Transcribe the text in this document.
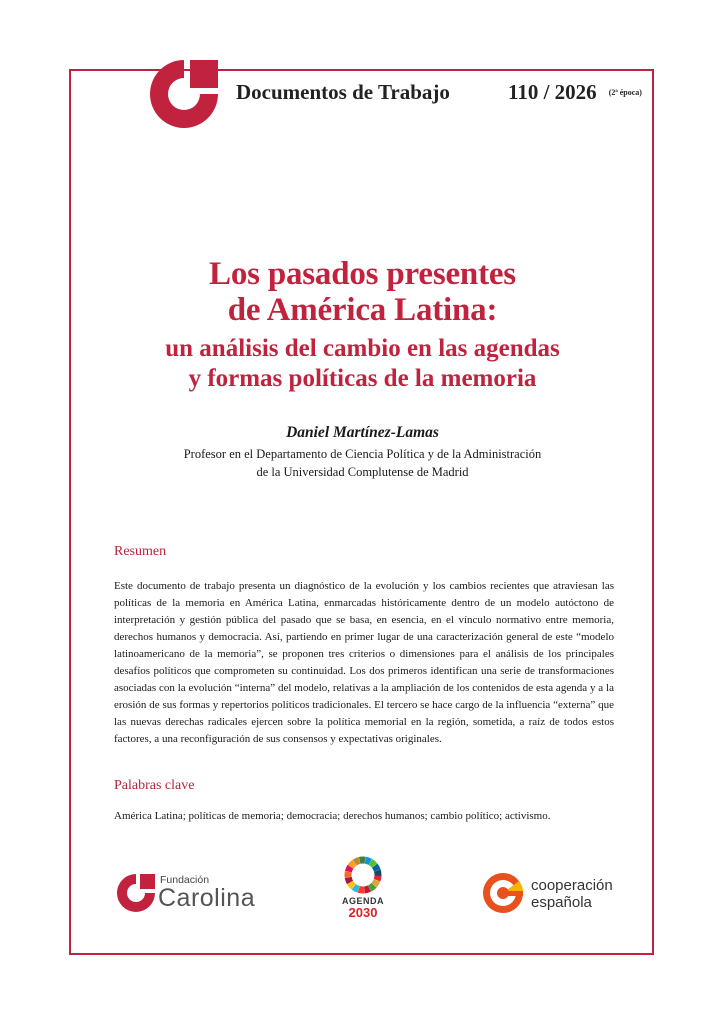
Documentos de Trabajo	110 / 2026 (2ª época)
Los pasados presentes
de América Latina:
un análisis del cambio en las agendas
y formas políticas de la memoria
Daniel Martínez-Lamas
Profesor en el Departamento de Ciencia Política y de la Administración
de la Universidad Complutense de Madrid
Resumen
Este documento de trabajo presenta un diagnóstico de la evolución y los cambios recientes que atraviesan las políticas de la memoria en América Latina, enmarcadas históricamente dentro de un modelo autóctono de interpretación y gestión pública del pasado que se basa, en esencia, en el vínculo normativo entre memoria, derechos humanos y democracia. Así, partiendo en primer lugar de una caracterización general de este “modelo latinoamericano de la memoria”, se proponen tres criterios o dimensiones para el análisis de los principales desafíos políticos que comprometen su continuidad. Los dos primeros identifican una serie de transformaciones asociadas con la evolución “interna” del modelo, relativas a la ampliación de los contenidos de esta agenda y a la erosión de sus formas y repertorios políticos tradicionales. El tercero se hace cargo de la influencia “externa” que las nuevas derechas radicales ejercen sobre la política memorial en la región, sometida, a raíz de todos estos factores, a una reconfiguración de sus consensos y expectativas originales.
Palabras clave
América Latina; políticas de memoria; democracia; derechos humanos; cambio político; activismo.
Fundación
Carolina	AGENDA
2030
cooperación
española
